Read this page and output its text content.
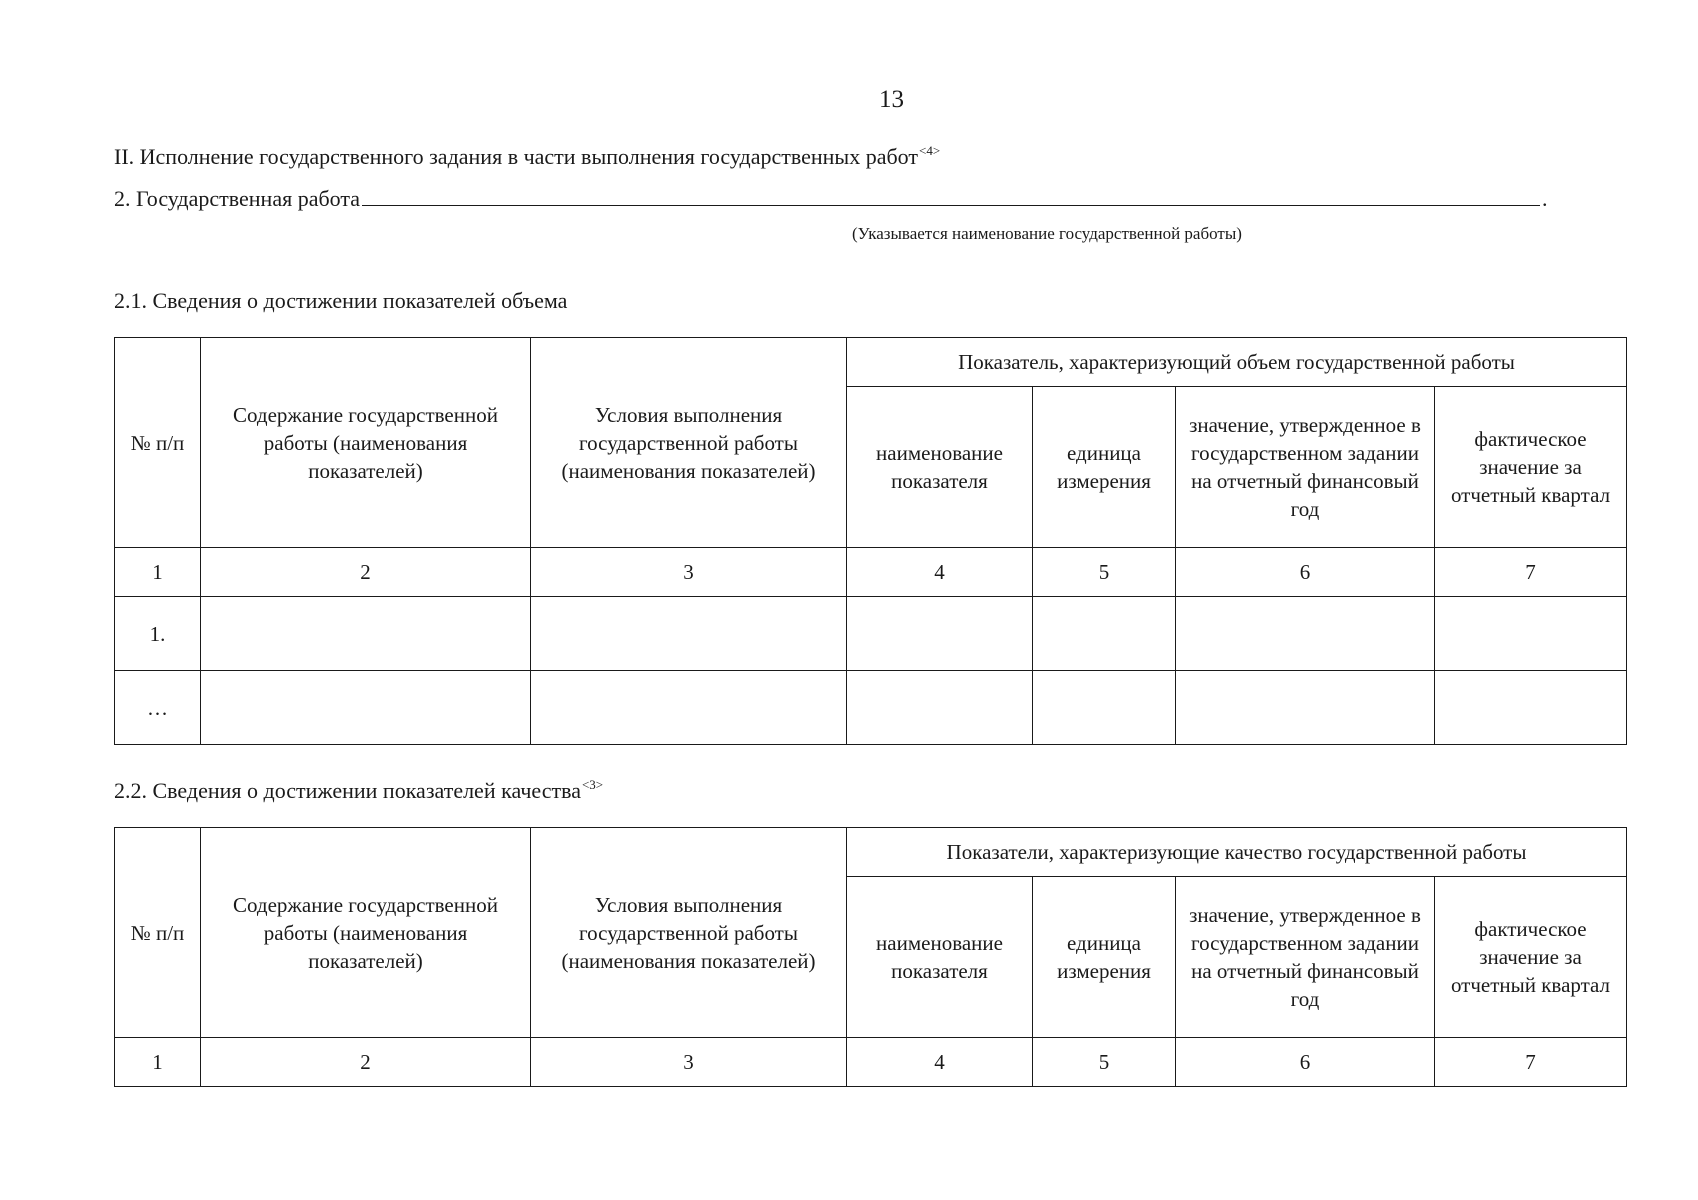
13
II. Исполнение государственного задания в части выполнения государственных работ$^{<4>}$
2. Государственная работа	.
(Указывается наименование государственной работы)
2.1. Сведения о достижении показателей объема
№ п/п	Содержание государственной работы (наименования показателей)	Условия выполнения государственной работы (наименования показателей)	Показатель, характеризующий объем государственной работы			
			наименование показателя	единица измерения	значение, утвержденное в государственном задании на отчетный финансовый год	фактическое значение за отчетный квартал
1	2	3	4	5	6	7
1.						
…						
2.2. Сведения о достижении показателей качества$^{<3>}$
№ п/п	Содержание государственной работы (наименования показателей)	Условия выполнения государственной работы (наименования показателей)	Показатели, характеризующие качество государственной работы			
			наименование показателя	единица измерения	значение, утвержденное в государственном задании на отчетный финансовый год	фактическое значение за отчетный квартал
1	2	3	4	5	6	7
